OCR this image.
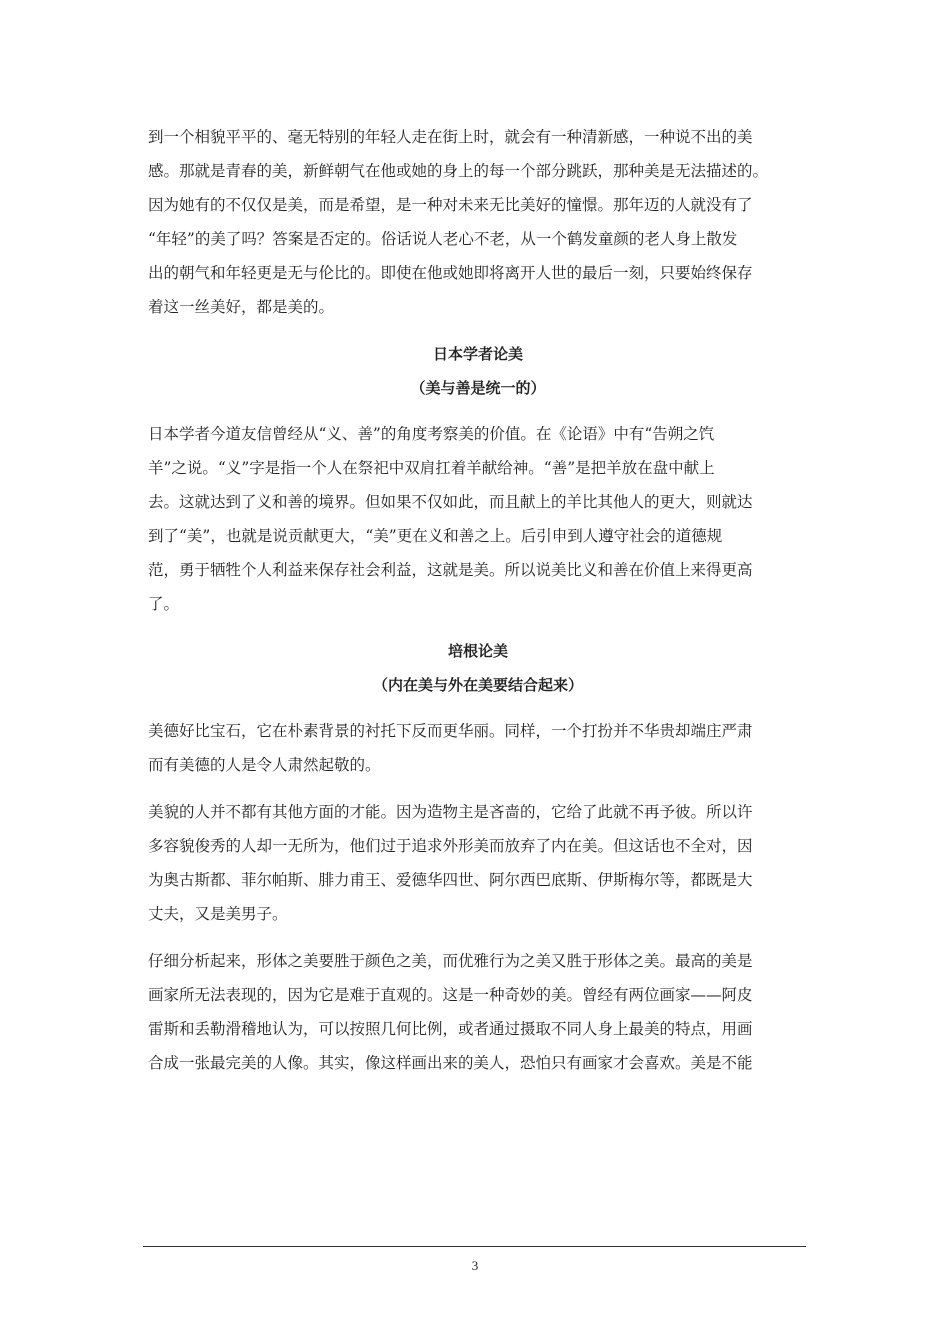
到一个相貌平平的、毫无特别的年轻人走在街上时，就会有一种清新感，一种说不出的美
感。那就是青春的美，新鲜朝气在他或她的身上的每一个部分跳跃，那种美是无法描述的。
因为她有的不仅仅是美，而是希望，是一种对未来无比美好的憧憬。那年迈的人就没有了
“年轻”的美了吗？答案是否定的。俗话说人老心不老，从一个鹤发童颜的老人身上散发
出的朝气和年轻更是无与伦比的。即使在他或她即将离开人世的最后一刻，只要始终保存
着这一丝美好，都是美的。
日本学者论美
（美与善是统一的）
日本学者今道友信曾经从“义、善”的角度考察美的价值。在《论语》中有“告朔之饩
羊”之说。“义”字是指一个人在祭祀中双肩扛着羊献给神。“善”是把羊放在盘中献上
去。这就达到了义和善的境界。但如果不仅如此，而且献上的羊比其他人的更大，则就达
到了“美”，也就是说贡献更大，“美”更在义和善之上。后引申到人遵守社会的道德规
范，勇于牺牲个人利益来保存社会利益，这就是美。所以说美比义和善在价值上来得更高
了。
培根论美
（内在美与外在美要结合起来）
美德好比宝石，它在朴素背景的衬托下反而更华丽。同样，一个打扮并不华贵却端庄严肃
而有美德的人是令人肃然起敬的。
美貌的人并不都有其他方面的才能。因为造物主是吝啬的，它给了此就不再予彼。所以许
多容貌俊秀的人却一无所为，他们过于追求外形美而放弃了内在美。但这话也不全对，因
为奥古斯都、菲尔帕斯、腓力甫王、爱德华四世、阿尔西巴底斯、伊斯梅尔等，都既是大
丈夫，又是美男子。
仔细分析起来，形体之美要胜于颜色之美，而优雅行为之美又胜于形体之美。最高的美是
画家所无法表现的，因为它是难于直观的。这是一种奇妙的美。曾经有两位画家——阿皮
雷斯和丢勒滑稽地认为，可以按照几何比例，或者通过摄取不同人身上最美的特点，用画
合成一张最完美的人像。其实，像这样画出来的美人，恐怕只有画家才会喜欢。美是不能
3
